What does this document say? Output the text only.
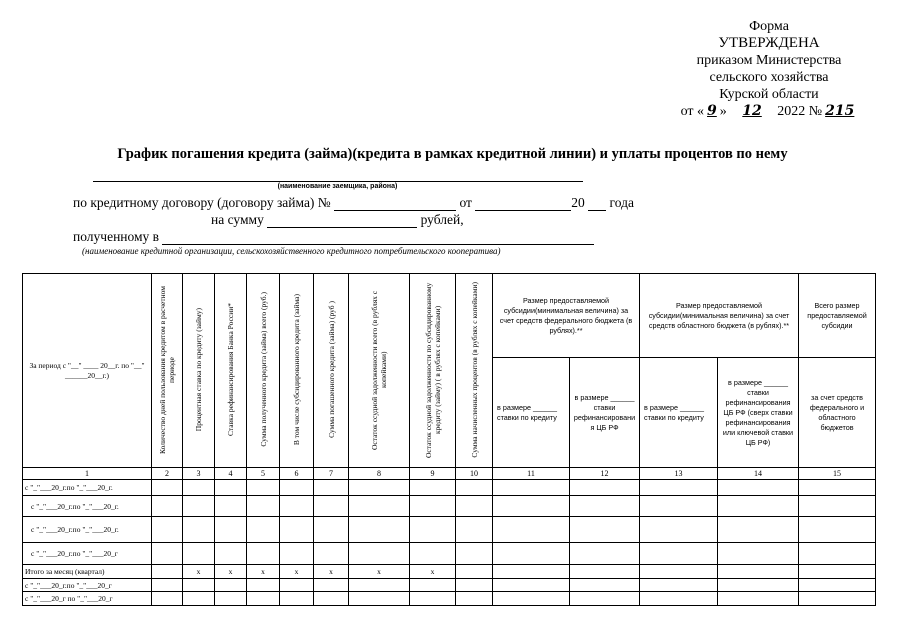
Форма
УТВЕРЖДЕНА
приказом Министерства
сельского хозяйства
Курской области
от « 9 » 12 2022 № 215
График погашения кредита (займа)(кредита в рамках кредитной линии) и уплаты процентов по нему
(наименование заемщика, района)
по кредитному договору (договору займа) №	от	20 года
на сумму	рублей,
полученному в
(наименование кредитной организации, сельскохозяйственного кредитного потребительского кооператива)
За период с "__" ____ 20__г. по "__" ______20__г.)	Количество дней пользования кредитом в расчетном периоде	Процентная ставка по кредиту (займу)	Ставка рефинансирования Банка России*	Сумма полученного кредита (займа) всего (руб.)	В том числе субсидированного кредита (займа)	Сумма погашенного кредита (займа) (руб )	Остаток ссудной задолженности всего (в рублях с копейками)	Остаток ссудной задолженности по субсидированному кредиту (займу) ( в рублях с копейками)	Сумма начисленных процентов (в рублях с копейками)	Размер предоставляемой субсидии(минимальная величина) за счет средств федерального бюджета (в рублях).**		Размер предоставляемой субсидии(минимальная величина) за счет средств областного бюджета (в рублях).**		Всего размер предоставляемой субсидии
										в размере ______ ставки по кредиту	в размере ______ ставки рефинансировани я ЦБ РФ	в размере ______ ставки по кредиту	в размере ______ ставки рефинансирования ЦБ РФ (сверх ставки рефинансирования или ключевой ставки ЦБ РФ)	за счет средств федерального и областного бюджетов
1	2	3	4	5	6	7	8	9	10	11	12	13	14	15
с "_"___20_г.по "_"___20_г.														
с "_"___20_г.по "_"___20_г.														
с "_"___20_г.по "_"___20_г.														
с "_"___20_г.по "_"___20_г														
Итого за месяц (квартал)		x	x	x	x	x	x	x						
с "_"___20_г.по "_"___20_г														
с "_"___20_г по "_"___20_г														
